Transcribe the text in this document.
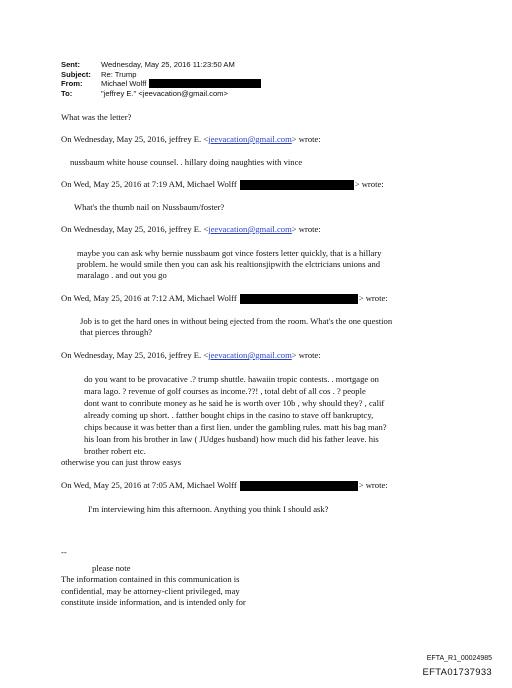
Sent:	Wednesday, May 25, 2016 11:23:50 AM
Subject:	Re: Trump
From:	Michael Wolff
To:	"jeffrey E." <jeevacation@gmail.com>
What was the letter?
On Wednesday, May 25, 2016, jeffrey E. <jeevacation@gmail.com> wrote:
nussbaum white house counsel. . hillary doing naughties with vince
On Wed, May 25, 2016 at 7:19 AM, Michael Wolff	> wrote:
What's the thumb nail on Nussbaum/foster?
On Wednesday, May 25, 2016, jeffrey E. <jeevacation@gmail.com> wrote:
maybe you can ask why bernie nussbaum got vince fosters letter quickly, that is a hillary
problem. he would smile then you can ask his realtionsjipwith the elctricians unions and
maralago . and out you go
On Wed, May 25, 2016 at 7:12 AM, Michael Wolff	> wrote:
Job is to get the hard ones in without being ejected from the room. What's the one question
that pierces through?
On Wednesday, May 25, 2016, jeffrey E. <jeevacation@gmail.com> wrote:
do you want to be provacative .? trump shuttle. hawaiin tropic contests. . mortgage on
mara lago. ? revenue of golf courses as income.??! , total debt of all cos . ? people
dont want to conribute money as he said he is worth over 10b , why should they? , calif
already coming up short. . fatther bought chips in the casino to stave off bankruptcy,
chips because it was better than a first lien. under the gambling rules. matt his bag man?
his loan from his brother in law ( JUdges husband) how much did his father leave. his
brother robert etc.
otherwise you can just throw easys
On Wed, May 25, 2016 at 7:05 AM, Michael Wolff	> wrote:
I'm interviewing him this afternoon. Anything you think I should ask?
--
please note
The information contained in this communication is
confidential, may be attorney-client privileged, may
constitute inside information, and is intended only for
EFTA_R1_00024985
EFTA01737933
